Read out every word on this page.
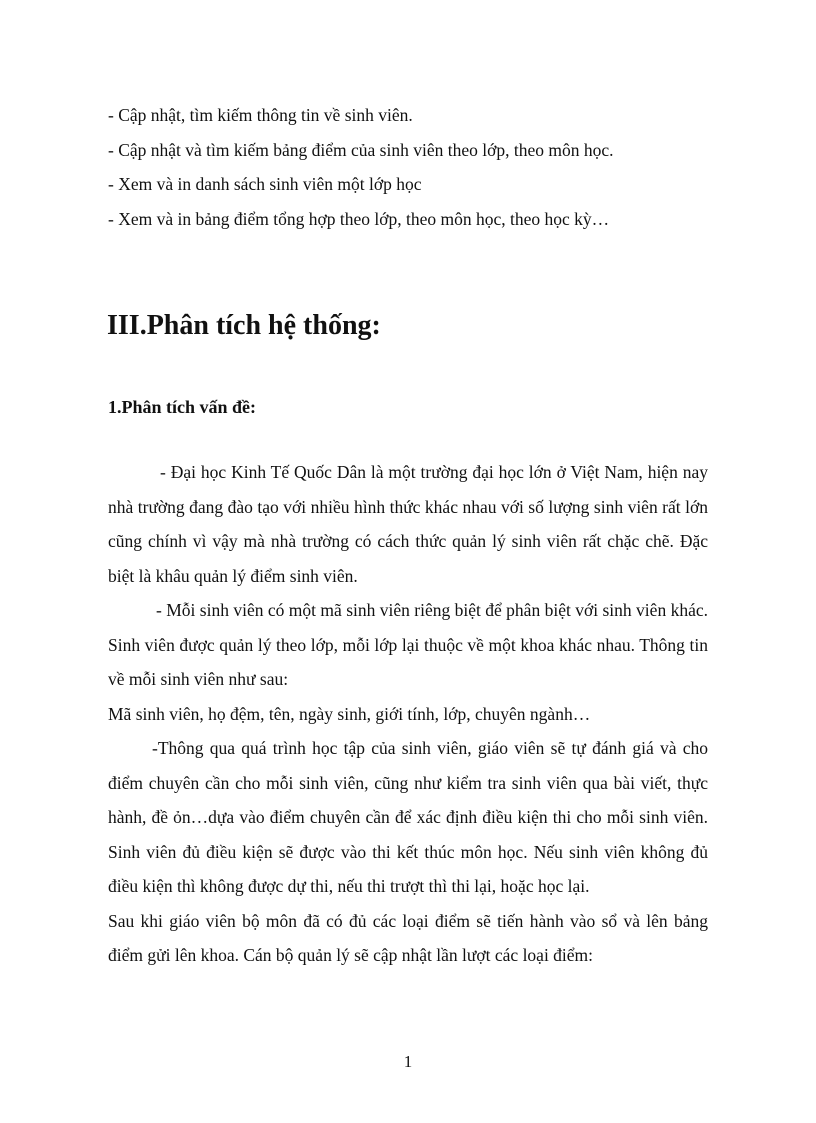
- Cập nhật, tìm kiếm thông tin về sinh viên.

- Cập nhật và tìm kiếm bảng điểm của sinh viên theo lớp, theo môn học.

- Xem và in danh sách sinh viên một lớp học

- Xem và in bảng điểm tổng hợp theo lớp, theo môn học, theo học kỳ…

III.Phân tích hệ thống:
1.Phân tích vấn đề:

- Đại học Kinh Tế Quốc Dân là một trường đại học lớn ở Việt Nam, hiện nay nhà trường đang đào tạo với nhiều hình thức khác nhau với số lượng sinh viên rất lớn cũng chính vì vậy mà nhà trường có cách thức quản lý sinh viên rất chặc chẽ. Đặc biệt là khâu quản lý điểm sinh viên.

- Mỗi sinh viên có một mã sinh viên riêng biệt để phân biệt với sinh viên khác. Sinh viên được quản lý theo lớp, mỗi lớp lại thuộc về một khoa khác nhau. Thông tin về mỗi sinh viên như sau:

Mã sinh viên, họ đệm, tên, ngày sinh, giới tính, lớp, chuyên ngành…

-Thông qua quá trình học tập của sinh viên, giáo viên sẽ tự đánh giá và cho điểm chuyên cần cho mỗi sinh viên, cũng như kiểm tra sinh viên qua bài viết, thực hành, đề ỏn…dựa vào điểm chuyên cần để xác định điều kiện thi cho mỗi sinh viên. Sinh viên đủ điều kiện sẽ được vào thi kết thúc môn học. Nếu sinh viên không đủ điều kiện thì không được dự thi, nếu thi trượt thì thi lại, hoặc học lại.

Sau khi giáo viên bộ môn đã có đủ các loại điểm sẽ tiến hành vào sổ và lên bảng điểm gửi lên khoa. Cán bộ quản lý sẽ cập nhật lần lượt các loại điểm:

1
